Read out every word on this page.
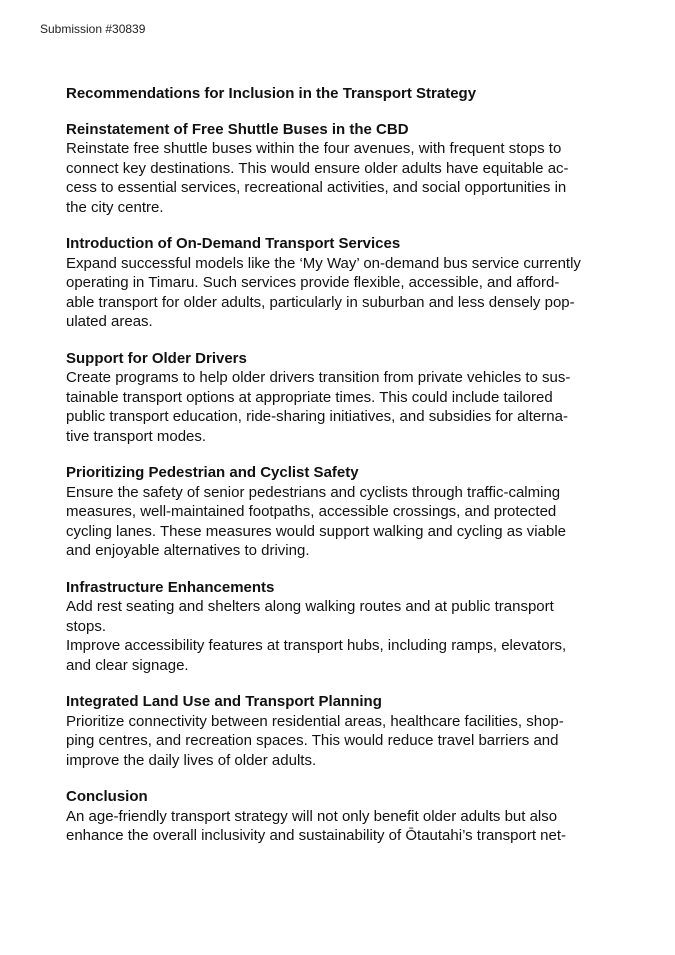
Submission #30839
Recommendations for Inclusion in the Transport Strategy
Reinstatement of Free Shuttle Buses in the CBD
Reinstate free shuttle buses within the four avenues, with frequent stops to
connect key destinations. This would ensure older adults have equitable ac-
cess to essential services, recreational activities, and social opportunities in
the city centre.
Introduction of On-Demand Transport Services
Expand successful models like the ‘My Way’ on-demand bus service currently
operating in Timaru. Such services provide flexible, accessible, and afford-
able transport for older adults, particularly in suburban and less densely pop-
ulated areas.
Support for Older Drivers
Create programs to help older drivers transition from private vehicles to sus-
tainable transport options at appropriate times. This could include tailored
public transport education, ride-sharing initiatives, and subsidies for alterna-
tive transport modes.
Prioritizing Pedestrian and Cyclist Safety
Ensure the safety of senior pedestrians and cyclists through traffic-calming
measures, well-maintained footpaths, accessible crossings, and protected
cycling lanes. These measures would support walking and cycling as viable
and enjoyable alternatives to driving.
Infrastructure Enhancements
Add rest seating and shelters along walking routes and at public transport
stops.
Improve accessibility features at transport hubs, including ramps, elevators,
and clear signage.
Integrated Land Use and Transport Planning
Prioritize connectivity between residential areas, healthcare facilities, shop-
ping centres, and recreation spaces. This would reduce travel barriers and
improve the daily lives of older adults.
Conclusion
An age-friendly transport strategy will not only benefit older adults but also
enhance the overall inclusivity and sustainability of Ōtautahi’s transport net-
